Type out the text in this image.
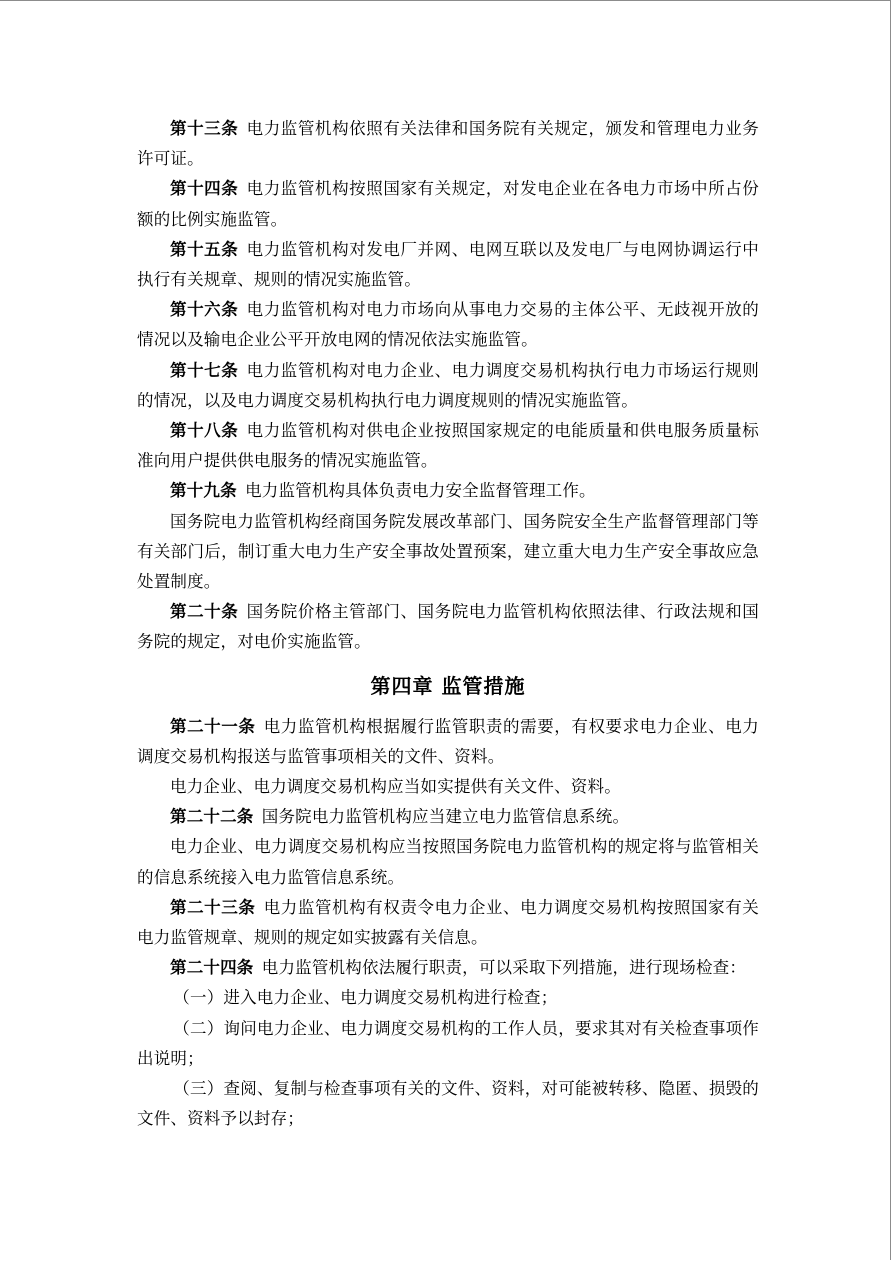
第十三条 电力监管机构依照有关法律和国务院有关规定，颁发和管理电力业务许可证。

第十四条 电力监管机构按照国家有关规定，对发电企业在各电力市场中所占份额的比例实施监管。

第十五条 电力监管机构对发电厂并网、电网互联以及发电厂与电网协调运行中执行有关规章、规则的情况实施监管。

第十六条 电力监管机构对电力市场向从事电力交易的主体公平、无歧视开放的情况以及输电企业公平开放电网的情况依法实施监管。

第十七条 电力监管机构对电力企业、电力调度交易机构执行电力市场运行规则的情况，以及电力调度交易机构执行电力调度规则的情况实施监管。

第十八条 电力监管机构对供电企业按照国家规定的电能质量和供电服务质量标准向用户提供供电服务的情况实施监管。

第十九条 电力监管机构具体负责电力安全监督管理工作。

国务院电力监管机构经商国务院发展改革部门、国务院安全生产监督管理部门等有关部门后，制订重大电力生产安全事故处置预案，建立重大电力生产安全事故应急处置制度。

第二十条 国务院价格主管部门、国务院电力监管机构依照法律、行政法规和国务院的规定，对电价实施监管。

第四章 监管措施

第二十一条 电力监管机构根据履行监管职责的需要，有权要求电力企业、电力调度交易机构报送与监管事项相关的文件、资料。

电力企业、电力调度交易机构应当如实提供有关文件、资料。

第二十二条 国务院电力监管机构应当建立电力监管信息系统。

电力企业、电力调度交易机构应当按照国务院电力监管机构的规定将与监管相关的信息系统接入电力监管信息系统。

第二十三条 电力监管机构有权责令电力企业、电力调度交易机构按照国家有关电力监管规章、规则的规定如实披露有关信息。

第二十四条 电力监管机构依法履行职责，可以采取下列措施，进行现场检查：

（一）进入电力企业、电力调度交易机构进行检查；

（二）询问电力企业、电力调度交易机构的工作人员，要求其对有关检查事项作出说明；

（三）查阅、复制与检查事项有关的文件、资料，对可能被转移、隐匿、损毁的文件、资料予以封存；
